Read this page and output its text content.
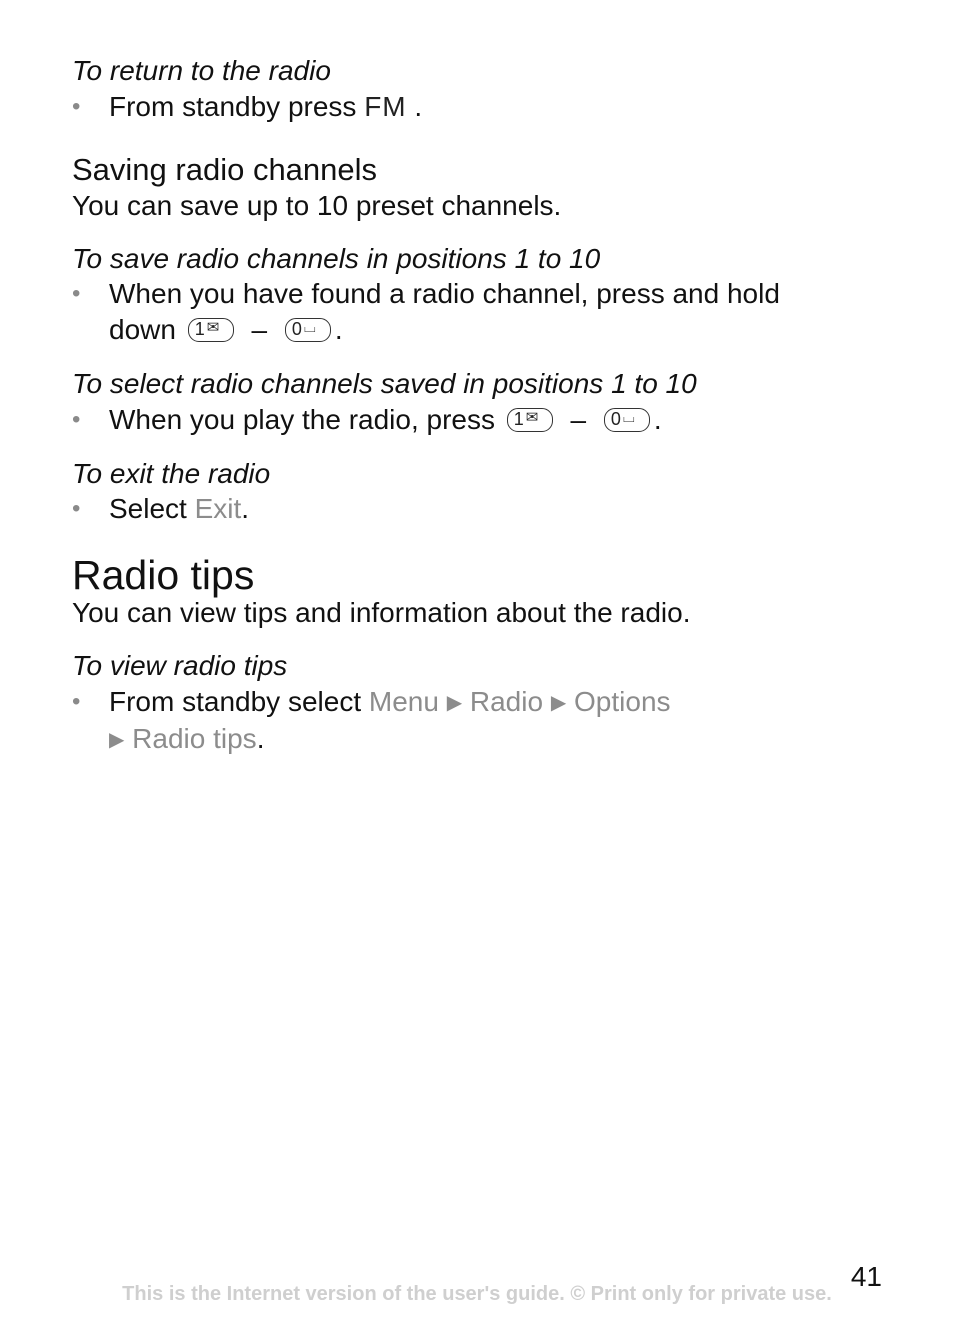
To return to the radio
• From standby press FM .
Saving radio channels

You can save up to 10 preset channels.

To save radio channels in positions 1 to 10
• When you have found a radio channel, press and hold
down 1 ✉ – 0 ⌴ .
To select radio channels saved in positions 1 to 10
• When you play the radio, press 1 ✉ – 0 ⌴ .
To exit the radio
• Select Exit.
Radio tips

You can view tips and information about the radio.

To view radio tips
• From standby select Menu ▶ Radio ▶ Options
▶ Radio tips.
41
This is the Internet version of the user's guide. © Print only for private use.
